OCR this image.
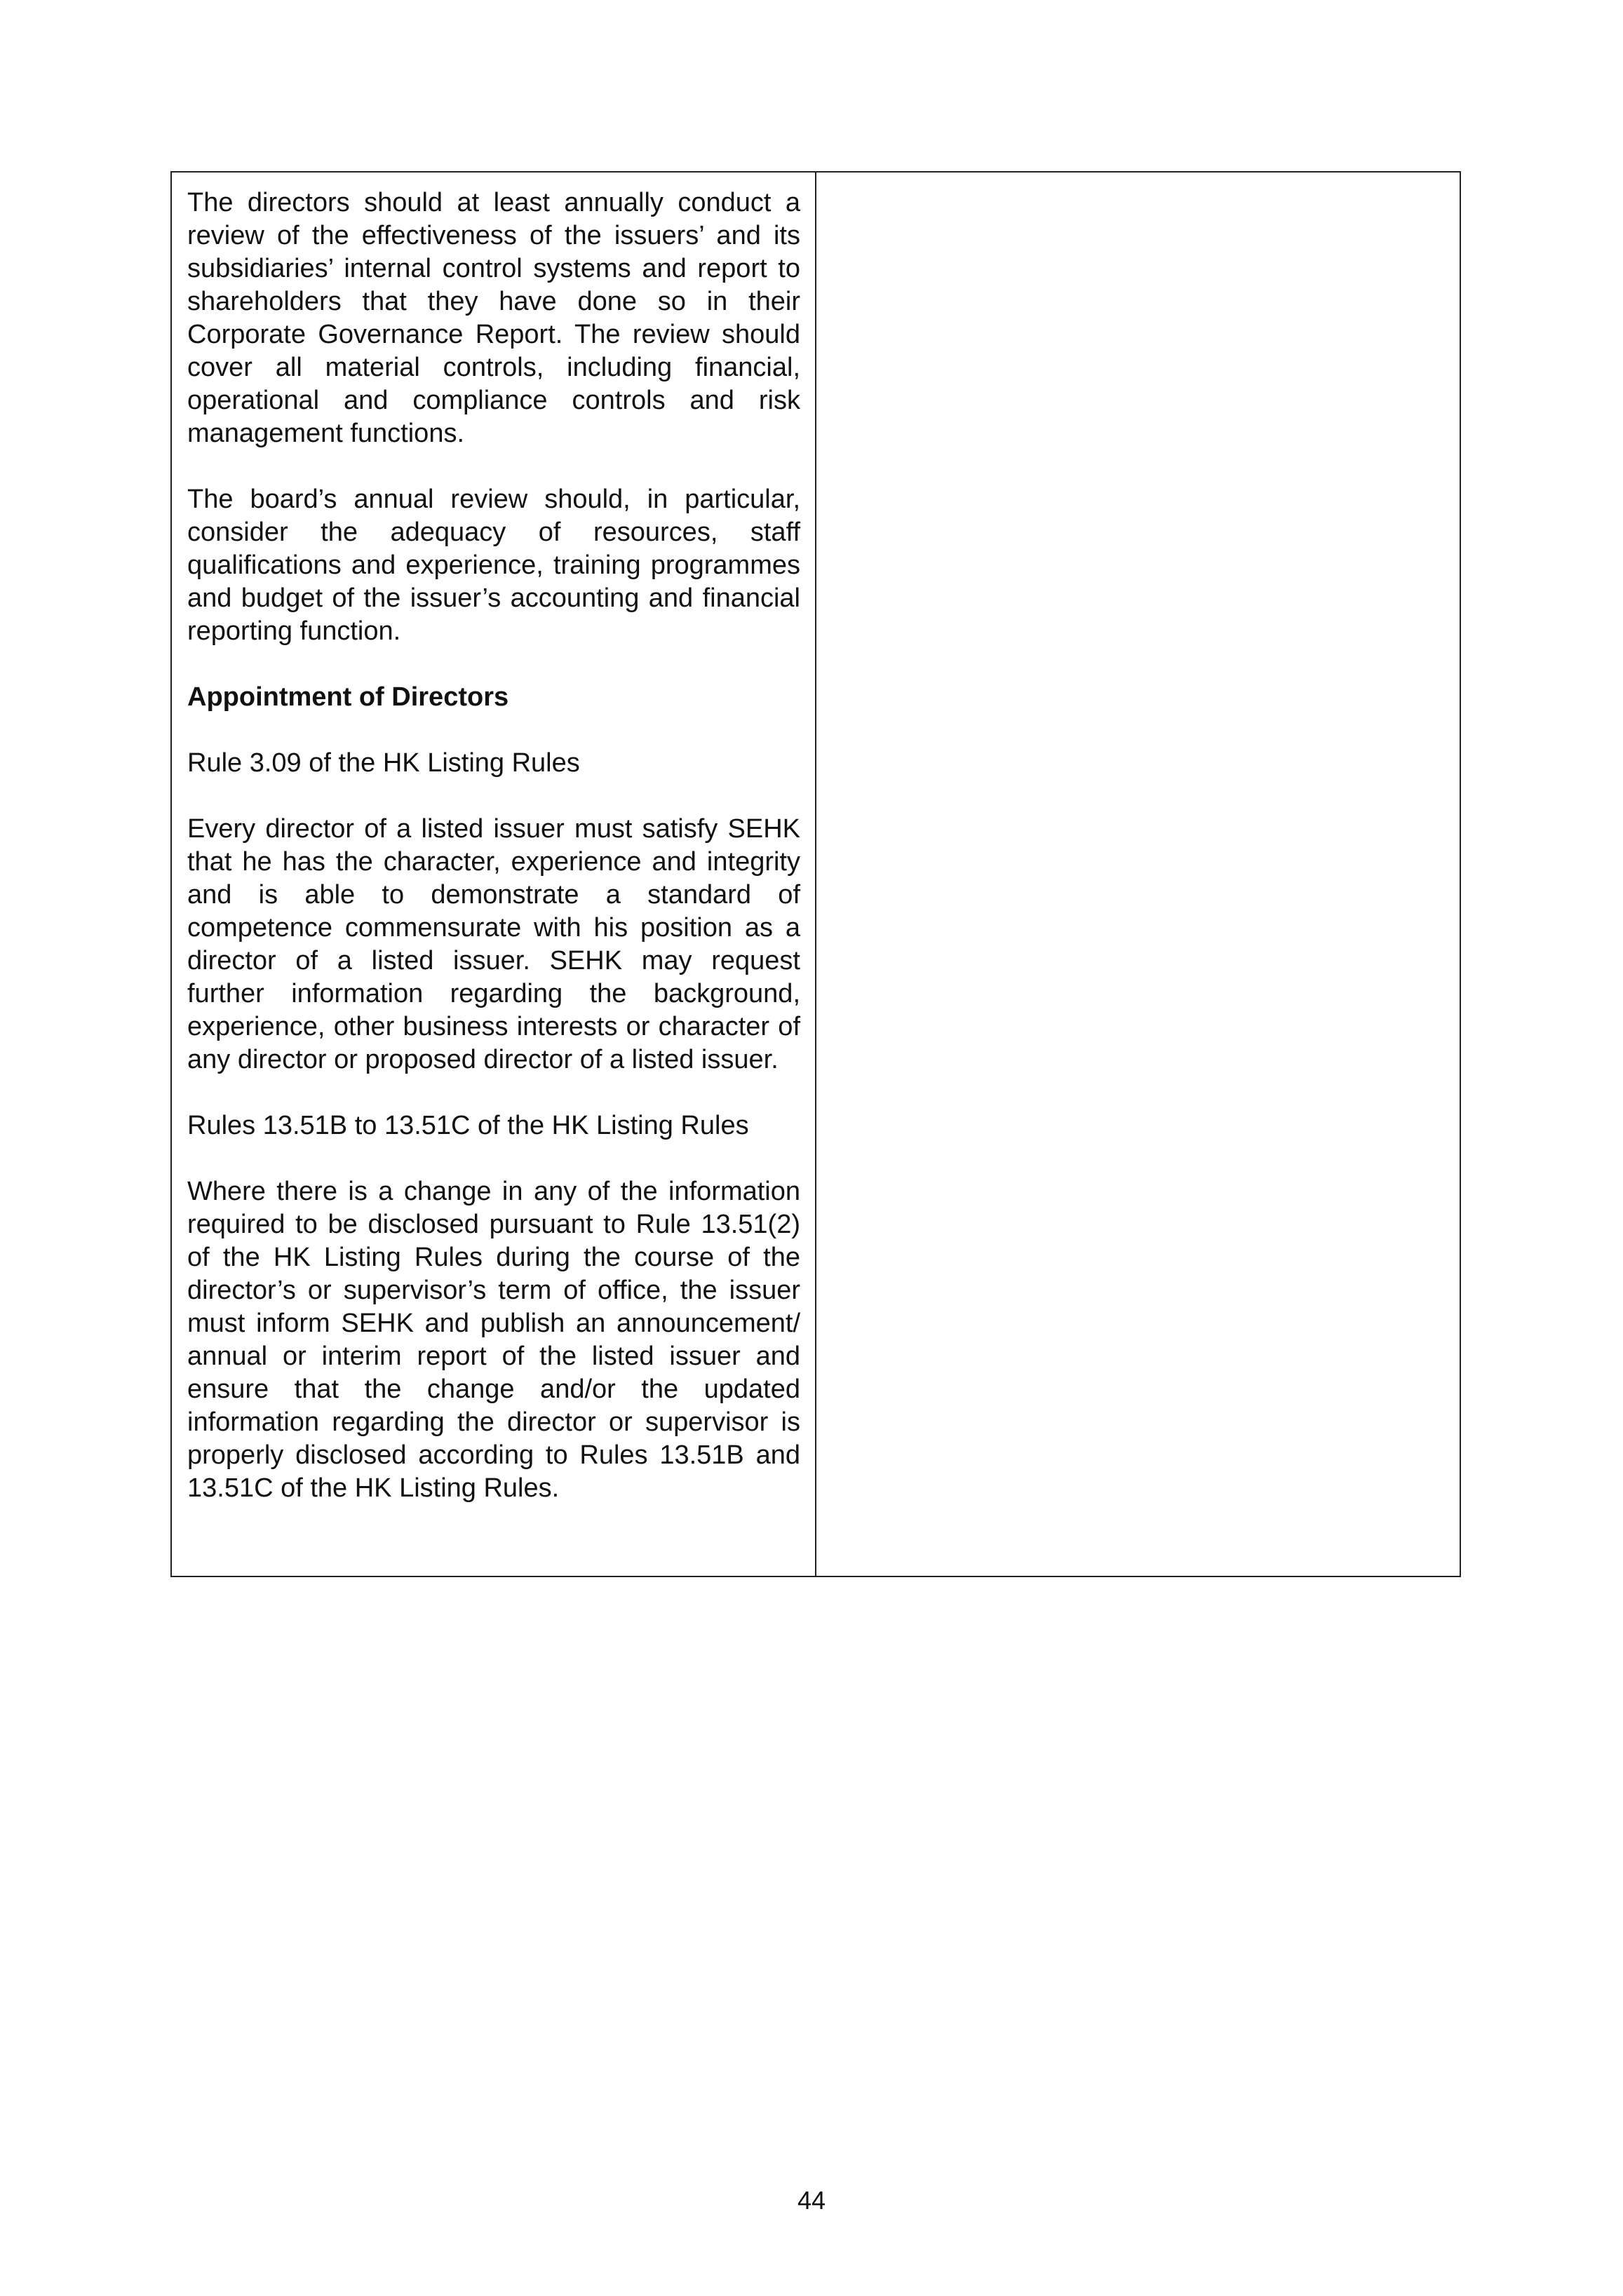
The directors should at least annually conduct a review of the effectiveness of the issuers’ and its subsidiaries’ internal control systems and report to shareholders that they have done so in their Corporate Governance Report. The review should cover all material controls, including financial, operational and compliance controls and risk management functions.

The board’s annual review should, in particular, consider the adequacy of resources, staff qualifications and experience, training programmes and budget of the issuer’s accounting and financial reporting function.

Appointment of Directors

Rule 3.09 of the HK Listing Rules

Every director of a listed issuer must satisfy SEHK that he has the character, experience and integrity and is able to demonstrate a standard of competence commensurate with his position as a director of a listed issuer. SEHK may request further information regarding the background, experience, other business interests or character of any director or proposed director of a listed issuer.

Rules 13.51B to 13.51C of the HK Listing Rules

Where there is a change in any of the information required to be disclosed pursuant to Rule 13.51(2) of the HK Listing Rules during the course of the director’s or supervisor’s term of office, the issuer must inform SEHK and publish an announcement/ annual or interim report of the listed issuer and ensure that the change and/or the updated information regarding the director or supervisor is properly disclosed according to Rules 13.51B and 13.51C of the HK Listing Rules.

44
